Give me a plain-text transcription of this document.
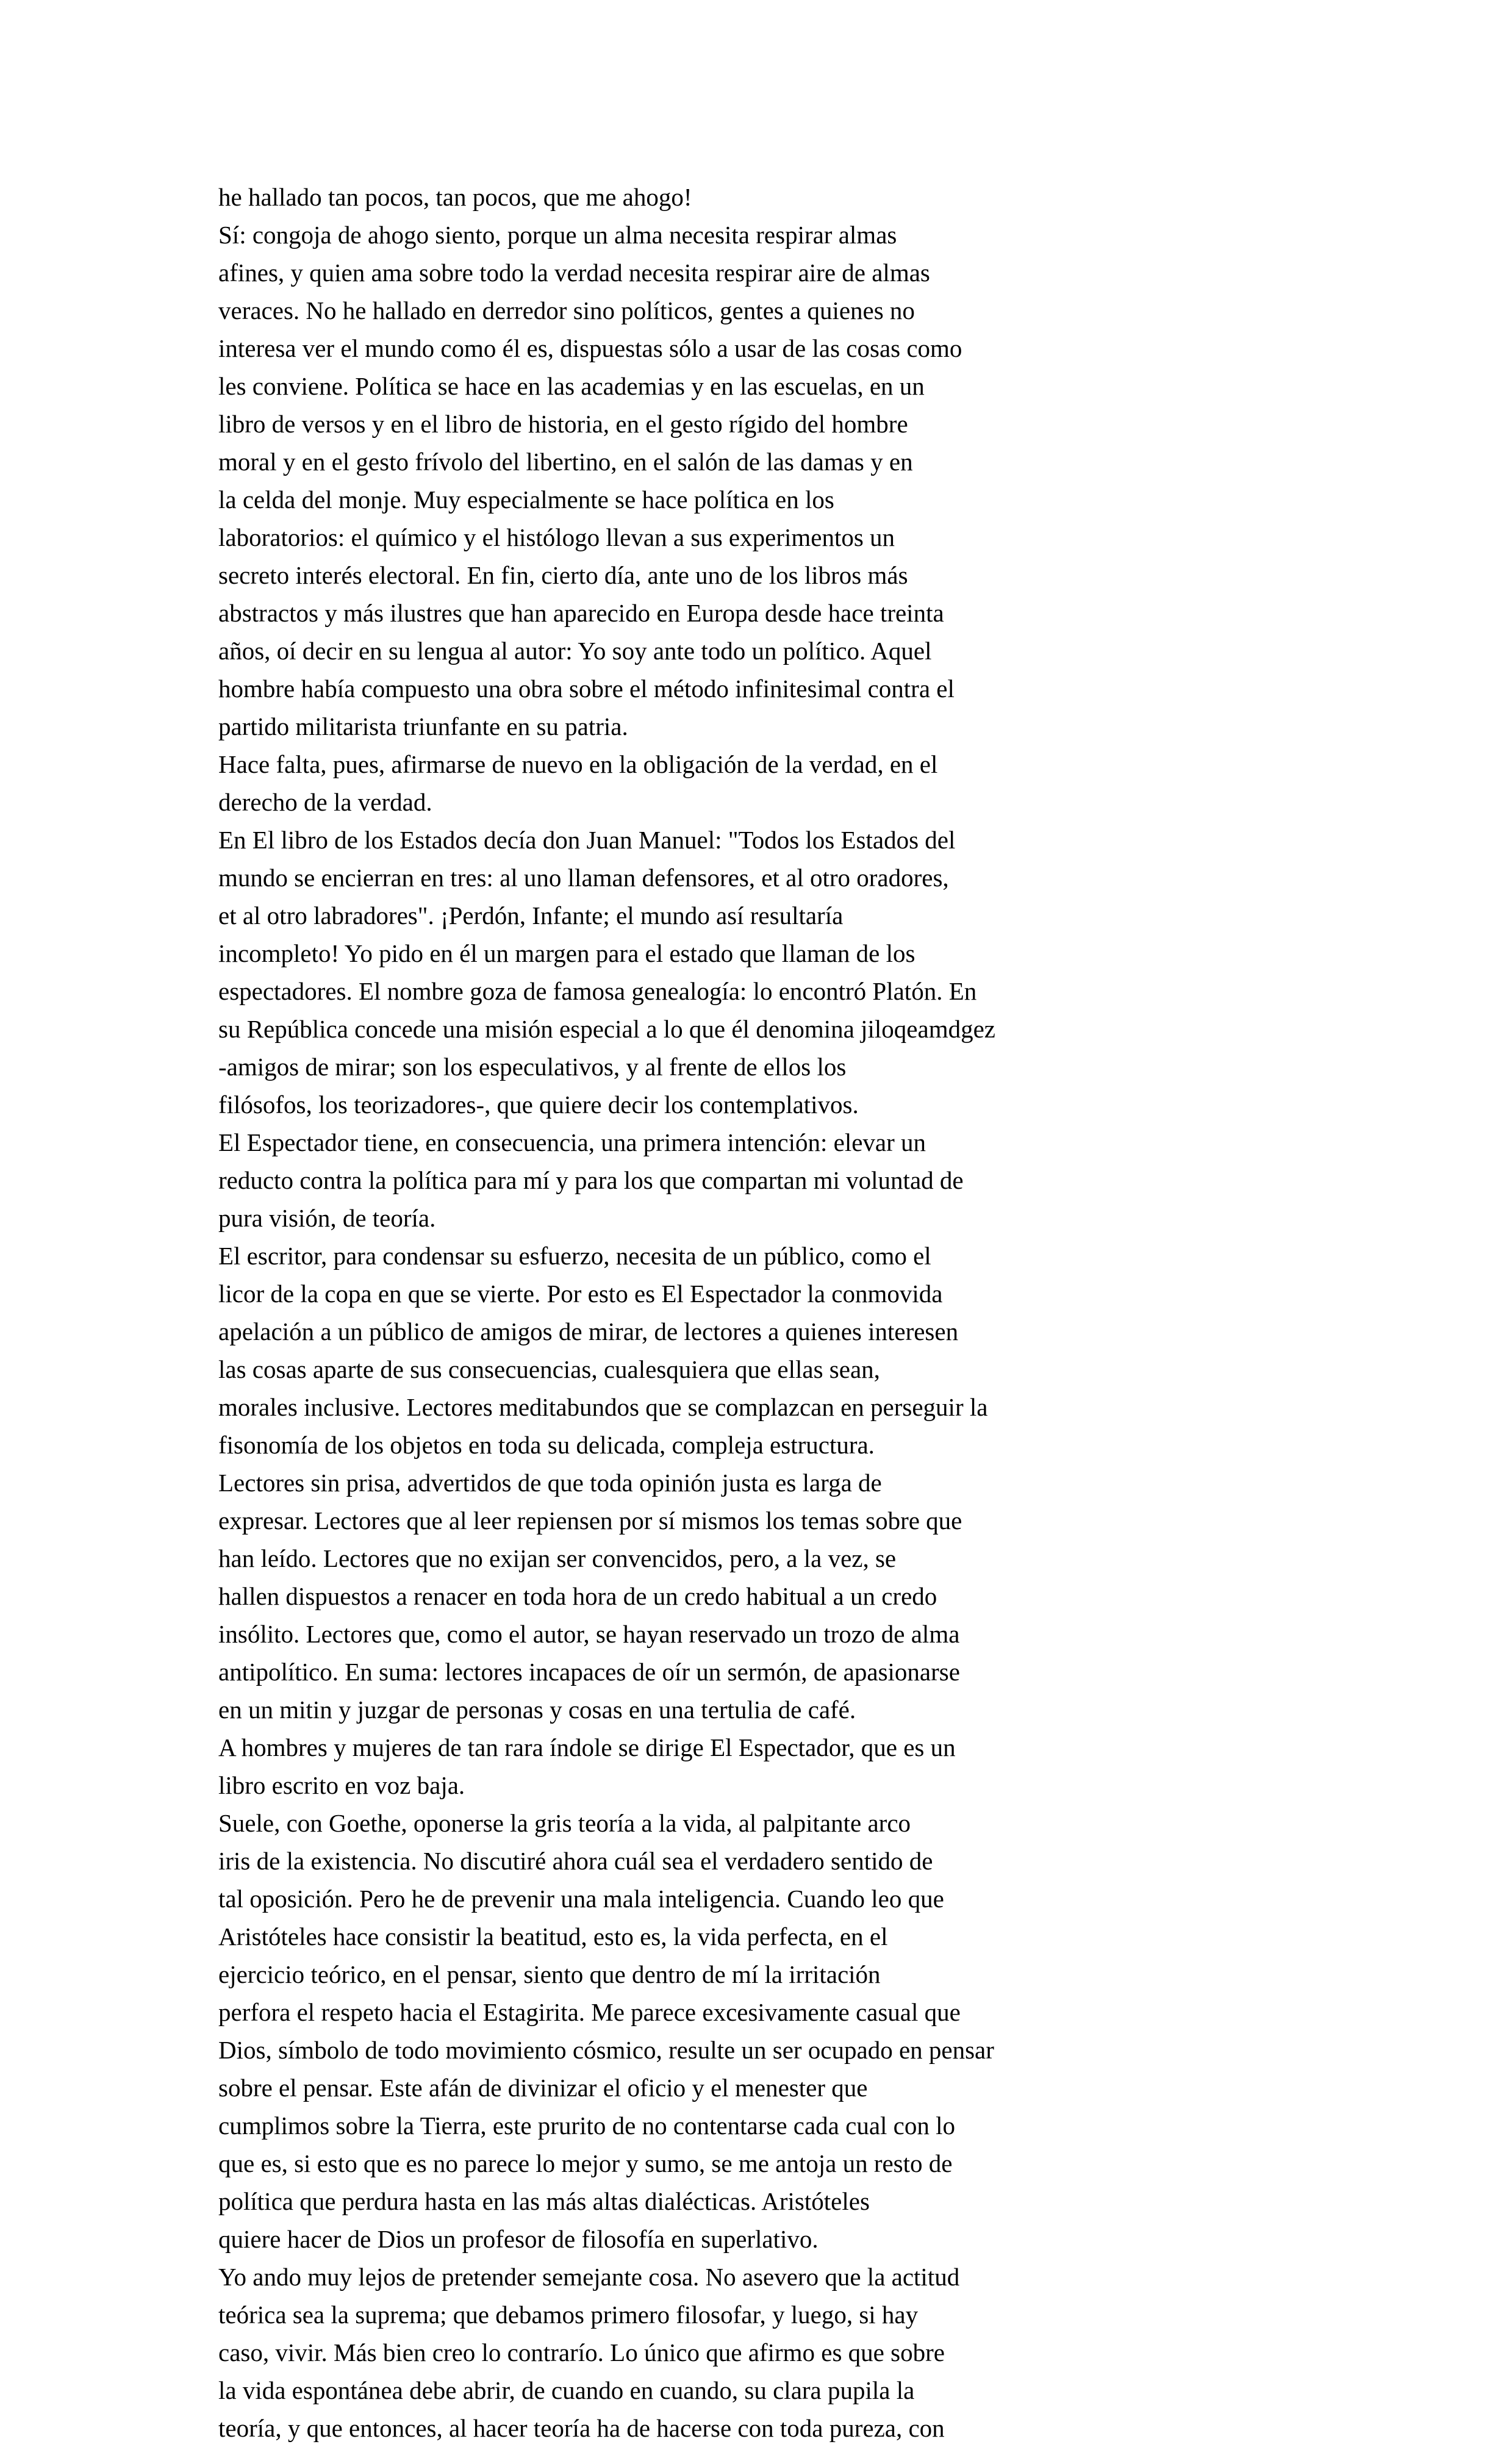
he hallado tan pocos, tan pocos, que me ahogo!
Sí: congoja de ahogo siento, porque un alma necesita respirar almas
afines, y quien ama sobre todo la verdad necesita respirar aire de almas
veraces. No he hallado en derredor sino políticos, gentes a quienes no
interesa ver el mundo como él es, dispuestas sólo a usar de las cosas como
les conviene. Política se hace en las academias y en las escuelas, en un
libro de versos y en el libro de historia, en el gesto rígido del hombre
moral y en el gesto frívolo del libertino, en el salón de las damas y en
la celda del monje. Muy especialmente se hace política en los
laboratorios: el químico y el histólogo llevan a sus experimentos un
secreto interés electoral. En fin, cierto día, ante uno de los libros más
abstractos y más ilustres que han aparecido en Europa desde hace treinta
años, oí decir en su lengua al autor: Yo soy ante todo un político. Aquel
hombre había compuesto una obra sobre el método infinitesimal contra el
partido militarista triunfante en su patria.
Hace falta, pues, afirmarse de nuevo en la obligación de la verdad, en el
derecho de la verdad.
En El libro de los Estados decía don Juan Manuel: "Todos los Estados del
mundo se encierran en tres: al uno llaman defensores, et al otro oradores,
et al otro labradores". ¡Perdón, Infante; el mundo así resultaría
incompleto! Yo pido en él un margen para el estado que llaman de los
espectadores. El nombre goza de famosa genealogía: lo encontró Platón. En
su República concede una misión especial a lo que él denomina jiloqeamdgez
-amigos de mirar; son los especulativos, y al frente de ellos los
filósofos, los teorizadores-, que quiere decir los contemplativos.
El Espectador tiene, en consecuencia, una primera intención: elevar un
reducto contra la política para mí y para los que compartan mi voluntad de
pura visión, de teoría.
El escritor, para condensar su esfuerzo, necesita de un público, como el
licor de la copa en que se vierte. Por esto es El Espectador la conmovida
apelación a un público de amigos de mirar, de lectores a quienes interesen
las cosas aparte de sus consecuencias, cualesquiera que ellas sean,
morales inclusive. Lectores meditabundos que se complazcan en perseguir la
fisonomía de los objetos en toda su delicada, compleja estructura.
Lectores sin prisa, advertidos de que toda opinión justa es larga de
expresar. Lectores que al leer repiensen por sí mismos los temas sobre que
han leído. Lectores que no exijan ser convencidos, pero, a la vez, se
hallen dispuestos a renacer en toda hora de un credo habitual a un credo
insólito. Lectores que, como el autor, se hayan reservado un trozo de alma
antipolítico. En suma: lectores incapaces de oír un sermón, de apasionarse
en un mitin y juzgar de personas y cosas en una tertulia de café.
A hombres y mujeres de tan rara índole se dirige El Espectador, que es un
libro escrito en voz baja.
Suele, con Goethe, oponerse la gris teoría a la vida, al palpitante arco
iris de la existencia. No discutiré ahora cuál sea el verdadero sentido de
tal oposición. Pero he de prevenir una mala inteligencia. Cuando leo que
Aristóteles hace consistir la beatitud, esto es, la vida perfecta, en el
ejercicio teórico, en el pensar, siento que dentro de mí la irritación
perfora el respeto hacia el Estagirita. Me parece excesivamente casual que
Dios, símbolo de todo movimiento cósmico, resulte un ser ocupado en pensar
sobre el pensar. Este afán de divinizar el oficio y el menester que
cumplimos sobre la Tierra, este prurito de no contentarse cada cual con lo
que es, si esto que es no parece lo mejor y sumo, se me antoja un resto de
política que perdura hasta en las más altas dialécticas. Aristóteles
quiere hacer de Dios un profesor de filosofía en superlativo.
Yo ando muy lejos de pretender semejante cosa. No asevero que la actitud
teórica sea la suprema; que debamos primero filosofar, y luego, si hay
caso, vivir. Más bien creo lo contrarío. Lo único que afirmo es que sobre
la vida espontánea debe abrir, de cuando en cuando, su clara pupila la
teoría, y que entonces, al hacer teoría ha de hacerse con toda pureza, con
